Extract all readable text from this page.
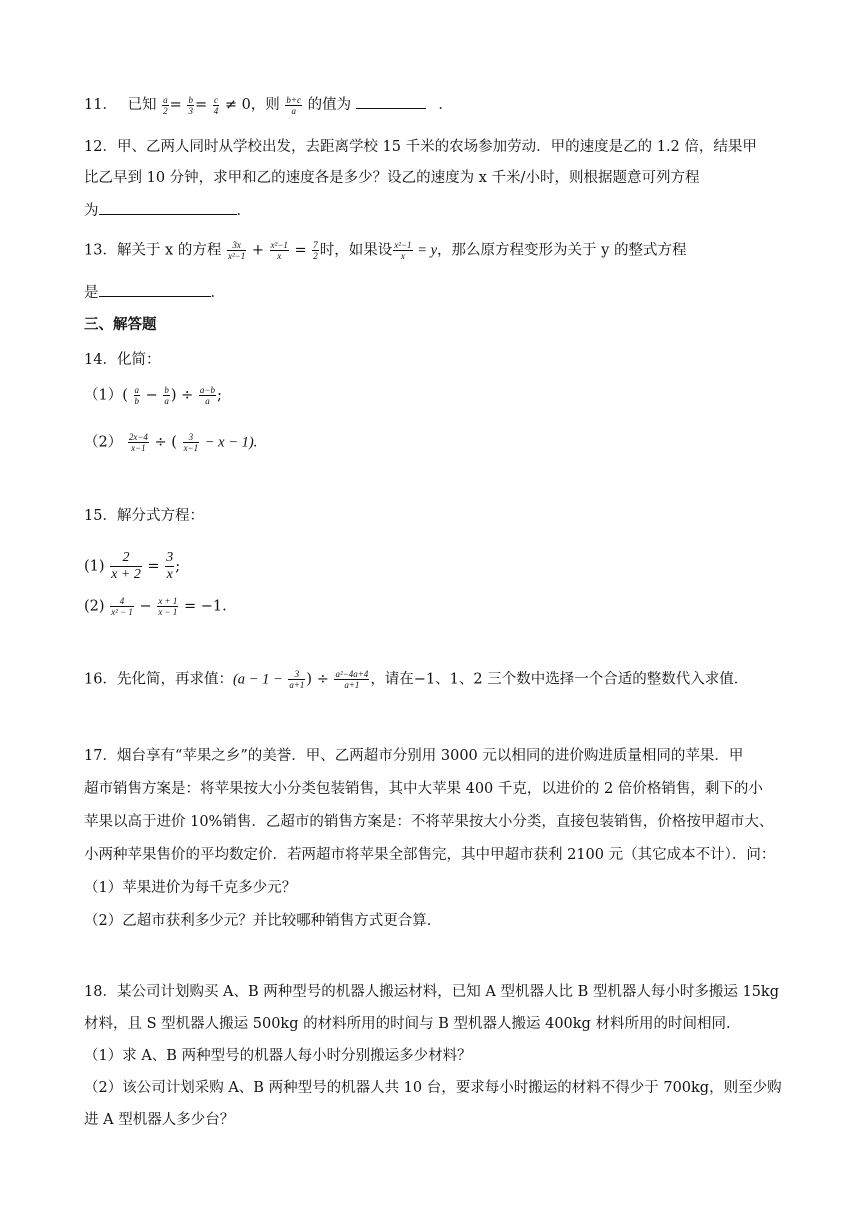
11． 已知 $\frac{a}{2} = \frac{b}{3} = \frac{c}{4} \ne 0$，则 $\frac{b+c}{a}$ 的值为	．
12．甲、乙两人同时从学校出发，去距离学校 15 千米的农场参加劳动．甲的速度是乙的 1.2 倍，结果甲
比乙早到 10 分钟，求甲和乙的速度各是多少？设乙的速度为 x 千米/小时，则根据题意可列方程
为	．
13．解关于 x 的方程 $\frac{3x}{\text{x²−1}} + \frac{\text{x²−1}}{x} = \frac{7}{2}$ 时，如果设 $\frac{\text{x²−1}}{x} = y$，那么原方程变形为关于 y 的整式方程
是	．
三、解答题
14．化简：
$(1)( \frac{a}{b} - \frac{b}{a}$ ) ÷ $\frac{a-b}{a}$ ;
$(2) \frac{2x-4}{x-1}$ ÷ ( $\frac{3}{x-1} - x - 1$).
15．解分式方程：
$(1) \frac{2}{x + 2} = \frac{3}{x}$ ;
$(2) \frac{4}{\text{x² − 1}} - \frac{x + 1}{x - 1} = -1$.
16．先化简，再求值：($a - 1 - \frac{3}{a+1}$ ) ÷ $\frac{\text{a²−4a+4}}{a+1}$ ，请在−1、1、2 三个数中选择一个合适的整数代入求值．
17．烟台享有“苹果之乡”的美誉．甲、乙两超市分别用 3000 元以相同的进价购进质量相同的苹果．甲
超市销售方案是：将苹果按大小分类包装销售，其中大苹果 400 千克，以进价的 2 倍价格销售，剩下的小
苹果以高于进价 10%销售．乙超市的销售方案是：不将苹果按大小分类，直接包装销售，价格按甲超市大、
小两种苹果售价的平均数定价．若两超市将苹果全部售完，其中甲超市获利 2100 元（其它成本不计）．问：
（1）苹果进价为每千克多少元？
（2）乙超市获利多少元？并比较哪种销售方式更合算．
18．某公司计划购买 A、B 两种型号的机器人搬运材料，已知 A 型机器人比 B 型机器人每小时多搬运 15kg
材料，且 S 型机器人搬运 500kg 的材料所用的时间与 B 型机器人搬运 400kg 材料所用的时间相同.
（1）求 A、B 两种型号的机器人每小时分别搬运多少材料？
（2）该公司计划采购 A、B 两种型号的机器人共 10 台，要求每小时搬运的材料不得少于 700kg，则至少购
进 A 型机器人多少台？
